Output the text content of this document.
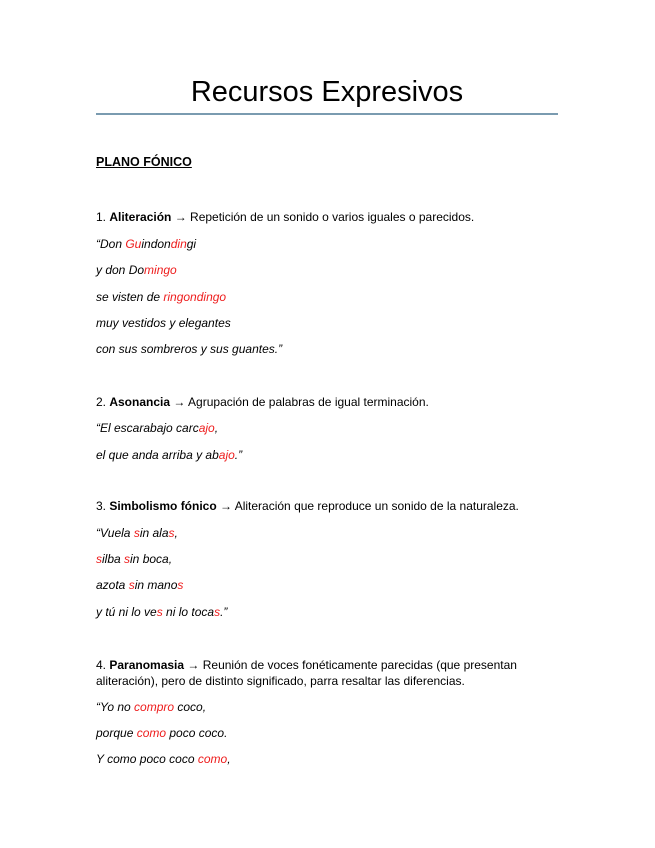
Recursos Expresivos
PLANO FÓNICO
1. Aliteración → Repetición de un sonido o varios iguales o parecidos.
“Don Guindondingi
y don Domingo
se visten de ringondingo
muy vestidos y elegantes
con sus sombreros y sus guantes.”
2. Asonancia → Agrupación de palabras de igual terminación.
“El escarabajo carcajo,
el que anda arriba y abajo.”
3. Simbolismo fónico → Aliteración que reproduce un sonido de la naturaleza.
“Vuela sin alas,
silba sin boca,
azota sin manos
y tú ni lo ves ni lo tocas.”
4. Paranomasia → Reunión de voces fonéticamente parecidas (que presentan aliteración), pero de distinto significado, parra resaltar las diferencias.
“Yo no compro coco,
porque como poco coco.
Y como poco coco como,
